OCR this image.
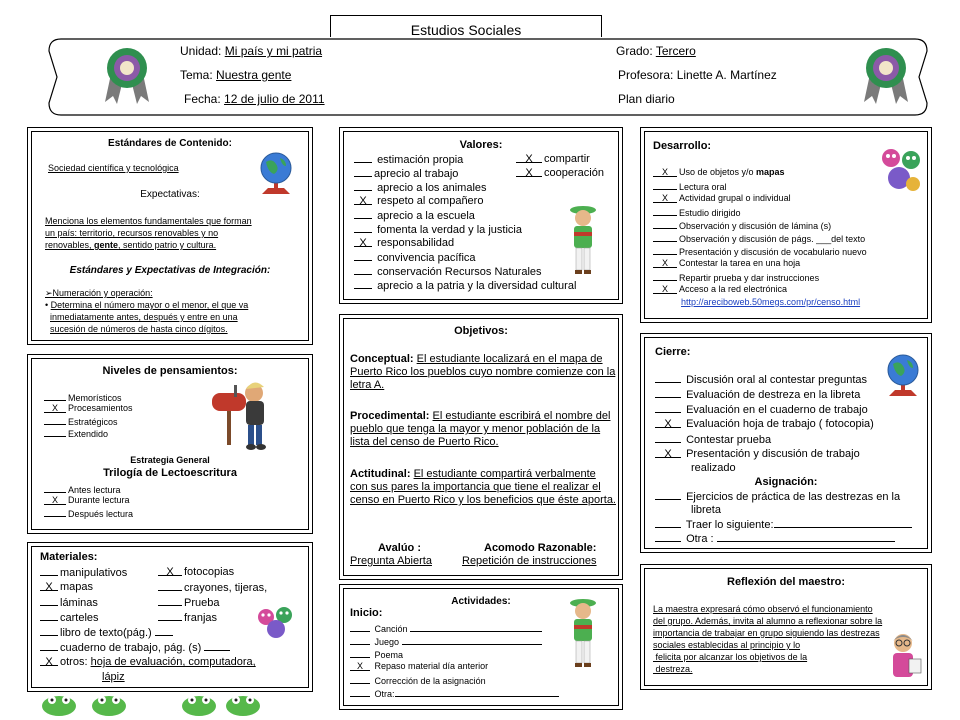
Estudios Sociales
Unidad: Mi país y mi patria
Tema: Nuestra gente
Fecha: 12 de julio de 2011
Grado: Tercero
Profesora: Linette A. Martínez
Plan diario
Estándares de Contenido:
Sociedad científica y tecnológica
Expectativas:
Menciona los elementos fundamentales que forman
un país: territorio, recursos renovables y no
renovables, gente, sentido patrio y cultura.
Estándares y Expectativas de Integración:
➢Numeración y operación:
• Determina el número mayor o el menor, el que va
inmediatamente antes, después y entre en una
sucesión de números de hasta cinco dígitos.
Niveles de pensamientos:
Memorísticos
X Procesamientos
Estratégicos
Extendido
Estrategia General
Trilogía de Lectoescritura
Antes lectura
X Durante lectura
Después lectura
Materiales:
manipulativos
X mapas
láminas
carteles
libro de texto(pág.)
cuaderno de trabajo, pág. (s)
X otros: hoja de evaluación, computadora,
lápiz
X fotocopias
crayones, tijeras,
Prueba
franjas
Valores:
estimación propia
aprecio al trabajo
aprecio a los animales
X respeto al compañero
aprecio a la escuela
fomenta la verdad y la justicia
X responsabilidad
convivencia pacífica
conservación Recursos Naturales
aprecio a la patria y la diversidad cultural
X compartir
X cooperación
Objetivos:
Conceptual: El estudiante localizará en el mapa de Puerto Rico los pueblos cuyo nombre comienze con la letra A.
Procedimental: El estudiante escribirá el nombre del pueblo que tenga la mayor y menor población de la lista del censo de Puerto Rico.
Actitudinal: El estudiante compartirá verbalmente con sus pares la importancia que tiene el realizar el censo en Puerto Rico y los beneficios que éste aporta.
Avalúo :
Pregunta Abierta
Acomodo Razonable:
Repetición de instrucciones
Actividades:
Inicio:
Canción
Juego
Poema
X Repaso material día anterior
Corrección de la asignación
Otra:
Desarrollo:
X Uso de objetos y/o mapas
Lectura oral
X Actividad grupal o individual
Estudio dirigido
Observación y discusión de lámina (s)
Observación y discusión de págs. ___del texto
Presentación y discusión de vocabulario nuevo
X Contestar la tarea en una hoja
Repartir prueba y dar instrucciones
X Acceso a la red electrónica
http://areciboweb.50megs.com/pr/censo.html
Cierre:
Discusión oral al contestar preguntas
Evaluación de destreza en la libreta
Evaluación en el cuaderno de trabajo
X Evaluación hoja de trabajo ( fotocopia)
Contestar prueba
X Presentación y discusión de trabajo
realizado
Asignación:
Ejercicios de práctica de las destrezas en la
libreta
Traer lo siguiente:
Otra :
Reflexión del maestro:
La maestra expresará cómo observó el funcionamiento
del grupo. Además, invita al alumno a reflexionar sobre la
importancia de trabajar en grupo siguiendo las destrezas
sociales establecidas al principio y lo
felicita por alcanzar los objetivos de la
destreza.
